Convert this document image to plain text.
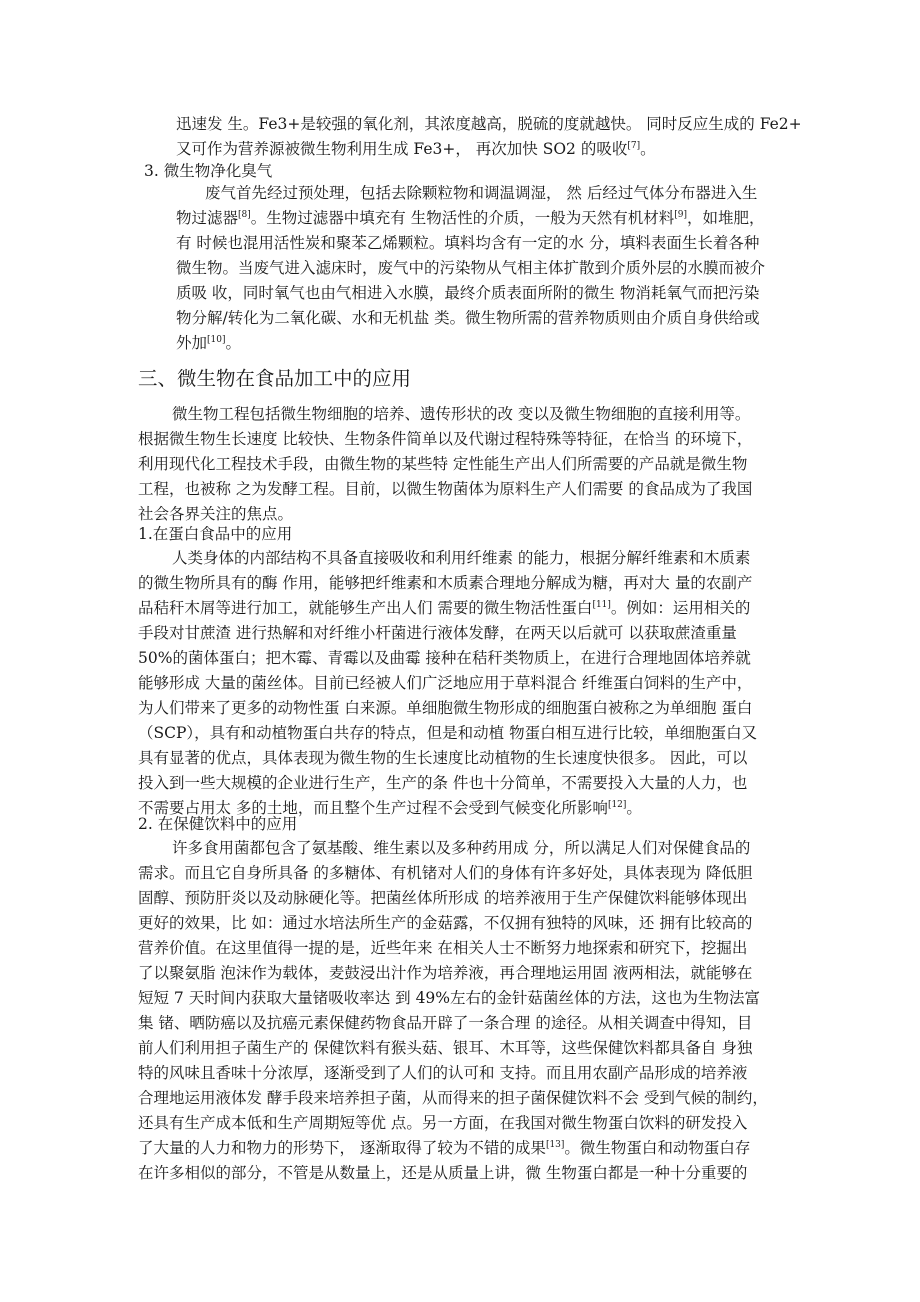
迅速发 生。Fe3+是较强的氧化剂，其浓度越高，脱硫的度就越快。 同时反应生成的 Fe2+
又可作为营养源被微生物利用生成 Fe3+， 再次加快 SO2 的吸收[7]。
3. 微生物净化臭气
废气首先经过预处理，包括去除颗粒物和调温调湿， 然 后经过气体分布器进入生
物过滤器[8]。生物过滤器中填充有 生物活性的介质，一般为天然有机材料[9]，如堆肥，
有 时候也混用活性炭和聚苯乙烯颗粒。填料均含有一定的水 分，填料表面生长着各种
微生物。当废气进入滤床时，废气中的污染物从气相主体扩散到介质外层的水膜而被介
质吸 收，同时氧气也由气相进入水膜，最终介质表面所附的微生 物消耗氧气而把污染
物分解/转化为二氧化碳、水和无机盐 类。微生物所需的营养物质则由介质自身供给或
外加[10]。
三、微生物在食品加工中的应用
微生物工程包括微生物细胞的培养、遗传形状的改 变以及微生物细胞的直接利用等。
根据微生物生长速度 比较快、生物条件简单以及代谢过程特殊等特征，在恰当 的环境下，
利用现代化工程技术手段，由微生物的某些特 定性能生产出人们所需要的产品就是微生物
工程，也被称 之为发酵工程。目前，以微生物菌体为原料生产人们需要 的食品成为了我国
社会各界关注的焦点。
1.在蛋白食品中的应用
人类身体的内部结构不具备直接吸收和利用纤维素 的能力，根据分解纤维素和木质素
的微生物所具有的酶 作用，能够把纤维素和木质素合理地分解成为糖，再对大 量的农副产
品秸秆木屑等进行加工，就能够生产出人们 需要的微生物活性蛋白[11]。例如：运用相关的
手段对甘蔗渣 进行热解和对纤维小杆菌进行液体发酵，在两天以后就可 以获取蔗渣重量
50%的菌体蛋白；把木霉、青霉以及曲霉 接种在秸秆类物质上，在进行合理地固体培养就
能够形成 大量的菌丝体。目前已经被人们广泛地应用于草料混合 纤维蛋白饲料的生产中，
为人们带来了更多的动物性蛋 白来源。单细胞微生物形成的细胞蛋白被称之为单细胞 蛋白
（SCP），具有和动植物蛋白共存的特点，但是和动植 物蛋白相互进行比较，单细胞蛋白又
具有显著的优点，具体表现为微生物的生长速度比动植物的生长速度快很多。 因此，可以
投入到一些大规模的企业进行生产，生产的条 件也十分简单，不需要投入大量的人力，也
不需要占用太 多的土地，而且整个生产过程不会受到气候变化所影响[12]。
2. 在保健饮料中的应用
许多食用菌都包含了氨基酸、维生素以及多种药用成 分，所以满足人们对保健食品的
需求。而且它自身所具备 的多糖体、有机锗对人们的身体有许多好处，具体表现为 降低胆
固醇、预防肝炎以及动脉硬化等。把菌丝体所形成 的培养液用于生产保健饮料能够体现出
更好的效果，比 如：通过水培法所生产的金菇露，不仅拥有独特的风味，还 拥有比较高的
营养价值。在这里值得一提的是，近些年来 在相关人士不断努力地探索和研究下，挖掘出
了以聚氨脂 泡沫作为载体，麦鼓浸出汁作为培养液，再合理地运用固 液两相法，就能够在
短短 7 天时间内获取大量锗吸收率达 到 49%左右的金针菇菌丝体的方法，这也为生物法富
集 锗、晒防癌以及抗癌元素保健药物食品开辟了一条合理 的途径。从相关调查中得知，目
前人们利用担子菌生产的 保健饮料有猴头菇、银耳、木耳等，这些保健饮料都具备自 身独
特的风味且香味十分浓厚，逐渐受到了人们的认可和 支持。而且用农副产品形成的培养液
合理地运用液体发 酵手段来培养担子菌，从而得来的担子菌保健饮料不会 受到气候的制约，
还具有生产成本低和生产周期短等优 点。另一方面，在我国对微生物蛋白饮料的研发投入
了大量的人力和物力的形势下， 逐渐取得了较为不错的成果[13]。微生物蛋白和动物蛋白存
在许多相似的部分，不管是从数量上，还是从质量上讲，微 生物蛋白都是一种十分重要的
